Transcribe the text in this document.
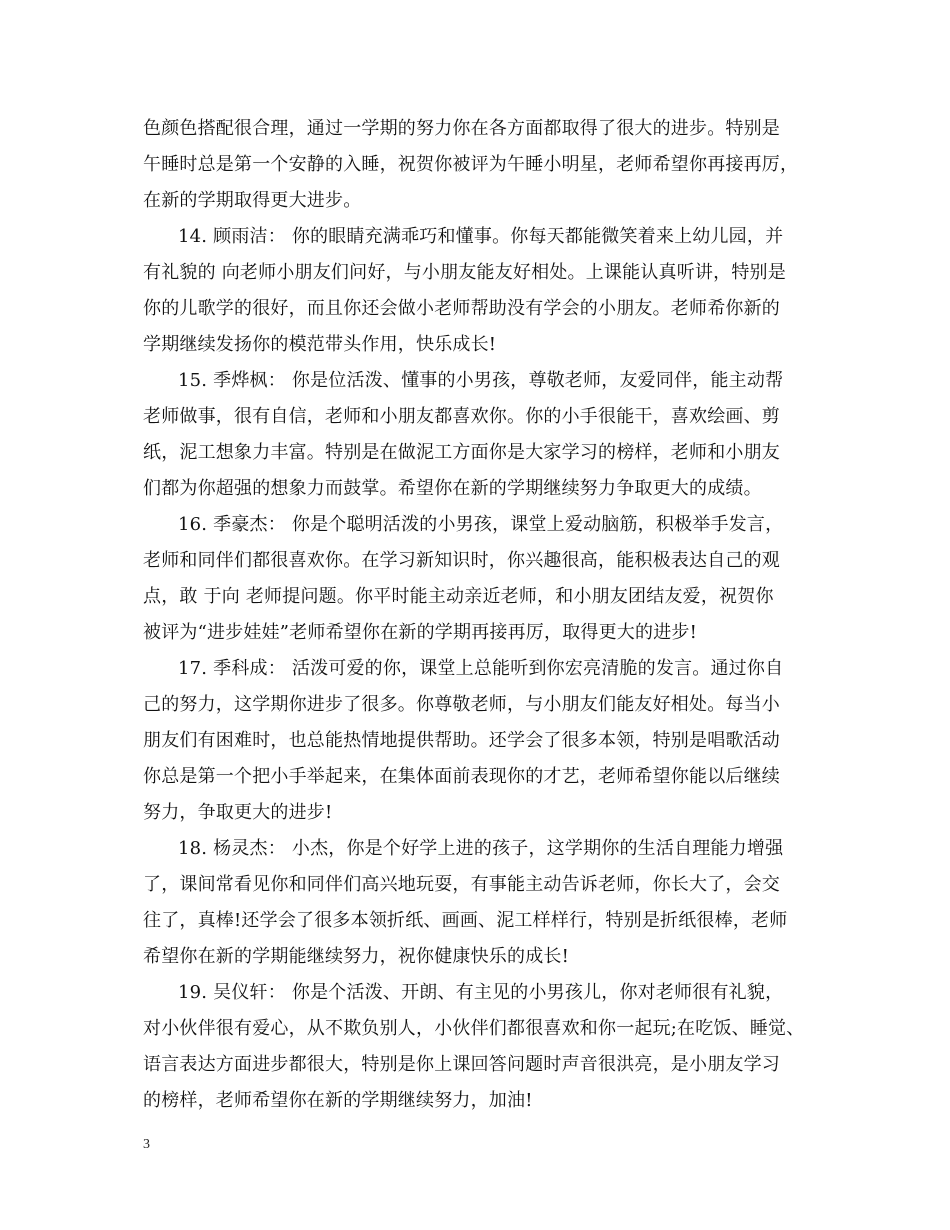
色颜色搭配很合理，通过一学期的努力你在各方面都取得了很大的进步。特别是
午睡时总是第一个安静的入睡，祝贺你被评为午睡小明星，老师希望你再接再厉，
在新的学期取得更大进步。
14. 顾雨洁： 你的眼睛充满乖巧和懂事。你每天都能微笑着来上幼儿园，并
有礼貌的 向老师小朋友们问好，与小朋友能友好相处。上课能认真听讲，特别是
你的儿歌学的很好，而且你还会做小老师帮助没有学会的小朋友。老师希你新的
学期继续发扬你的模范带头作用，快乐成长!
15. 季烨枫： 你是位活泼、懂事的小男孩，尊敬老师，友爱同伴，能主动帮
老师做事，很有自信，老师和小朋友都喜欢你。你的小手很能干，喜欢绘画、剪
纸，泥工想象力丰富。特别是在做泥工方面你是大家学习的榜样，老师和小朋友
们都为你超强的想象力而鼓掌。希望你在新的学期继续努力争取更大的成绩。
16. 季豪杰： 你是个聪明活泼的小男孩，课堂上爱动脑筋，积极举手发言，
老师和同伴们都很喜欢你。在学习新知识时，你兴趣很高，能积极表达自己的观
点，敢 于向 老师提问题。你平时能主动亲近老师，和小朋友团结友爱，祝贺你
被评为“进步娃娃”老师希望你在新的学期再接再厉，取得更大的进步!
17. 季科成： 活泼可爱的你，课堂上总能听到你宏亮清脆的发言。通过你自
己的努力，这学期你进步了很多。你尊敬老师，与小朋友们能友好相处。每当小
朋友们有困难时，也总能热情地提供帮助。还学会了很多本领，特别是唱歌活动
你总是第一个把小手举起来，在集体面前表现你的才艺，老师希望你能以后继续
努力，争取更大的进步!
18. 杨灵杰： 小杰，你是个好学上进的孩子，这学期你的生活自理能力增强
了，课间常看见你和同伴们高兴地玩耍，有事能主动告诉老师，你长大了，会交
往了，真棒!还学会了很多本领折纸、画画、泥工样样行，特别是折纸很棒，老师
希望你在新的学期能继续努力，祝你健康快乐的成长!
19. 吴仪轩： 你是个活泼、开朗、有主见的小男孩儿，你对老师很有礼貌，
对小伙伴很有爱心，从不欺负别人，小伙伴们都很喜欢和你一起玩;在吃饭、睡觉、
语言表达方面进步都很大，特别是你上课回答问题时声音很洪亮，是小朋友学习
的榜样，老师希望你在新的学期继续努力，加油!
3
